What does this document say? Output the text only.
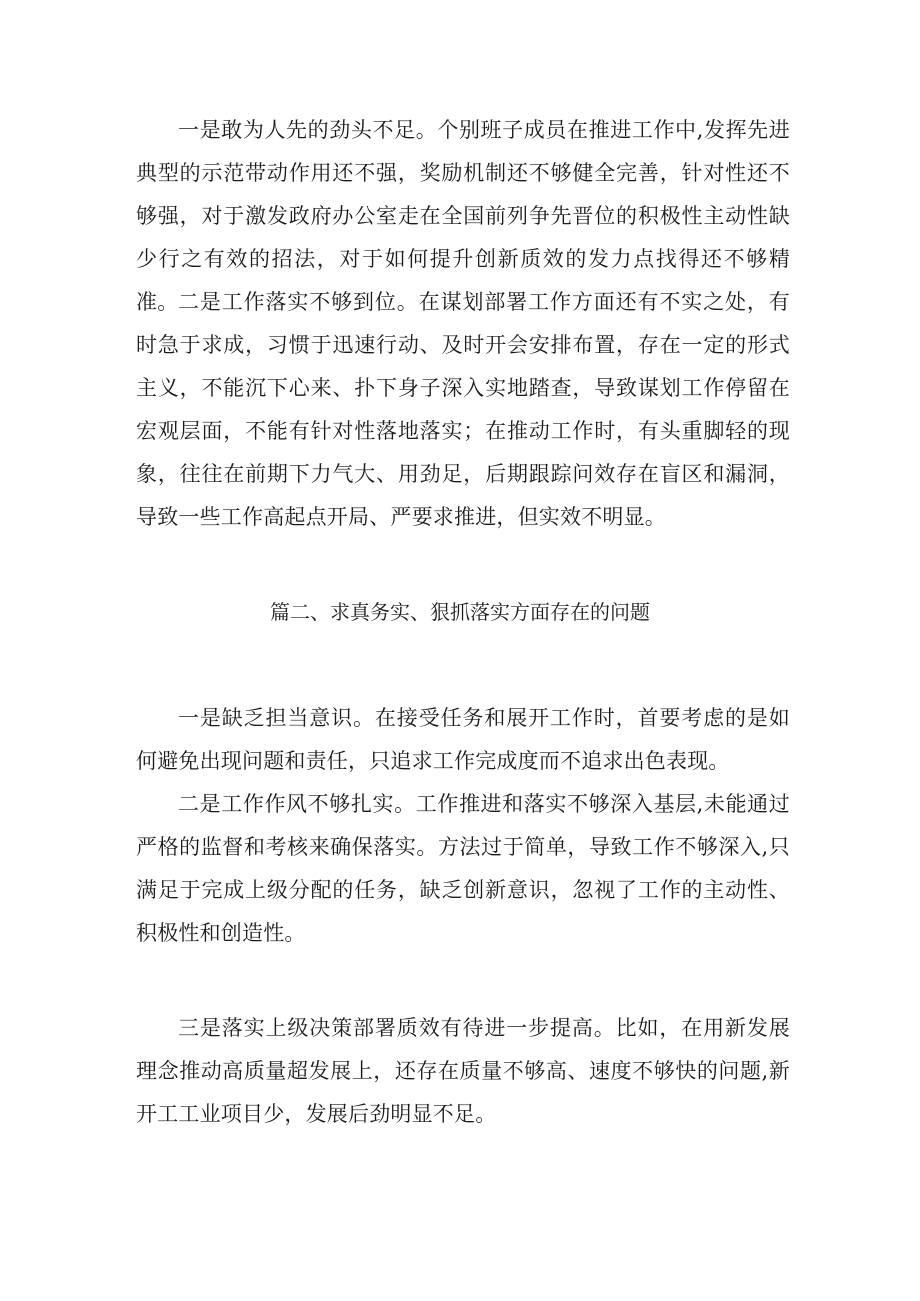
一是敢为人先的劲头不足。个别班子成员在推进工作中,发挥先进典型的示范带动作用还不强，奖励机制还不够健全完善，针对性还不够强，对于激发政府办公室走在全国前列争先晋位的积极性主动性缺少行之有效的招法，对于如何提升创新质效的发力点找得还不够精准。 二是工作落实不够到位。在谋划部署工作方面还有不实之处，有时急于求成，习惯于迅速行动、及时开会安排布置，存在一定的形式主义，不能沉下心来、扑下身子深入实地踏查，导致谋划工作停留在宏观层面，不能有针对性落地落实；在推动工作时，有头重脚轻的现象，往往在前期下力气大、用劲足，后期跟踪问效存在盲区和漏洞，导致一些工作高起点开局、严要求推进，但实效不明显。

篇二、求真务实、狠抓落实方面存在的问题

一是缺乏担当意识。在接受任务和展开工作时，首要考虑的是如何避免出现问题和责任，只追求工作完成度而不追求出色表现。

二是工作作风不够扎实。工作推进和落实不够深入基层,未能通过严格的监督和考核来确保落实。方法过于简单，导致工作不够深入,只满足于完成上级分配的任务，缺乏创新意识，忽视了工作的主动性、积极性和创造性。

三是落实上级决策部署质效有待进一步提高。比如，在用新发展理念推动高质量超发展上，还存在质量不够高、速度不够快的问题,新开工工业项目少，发展后劲明显不足。
